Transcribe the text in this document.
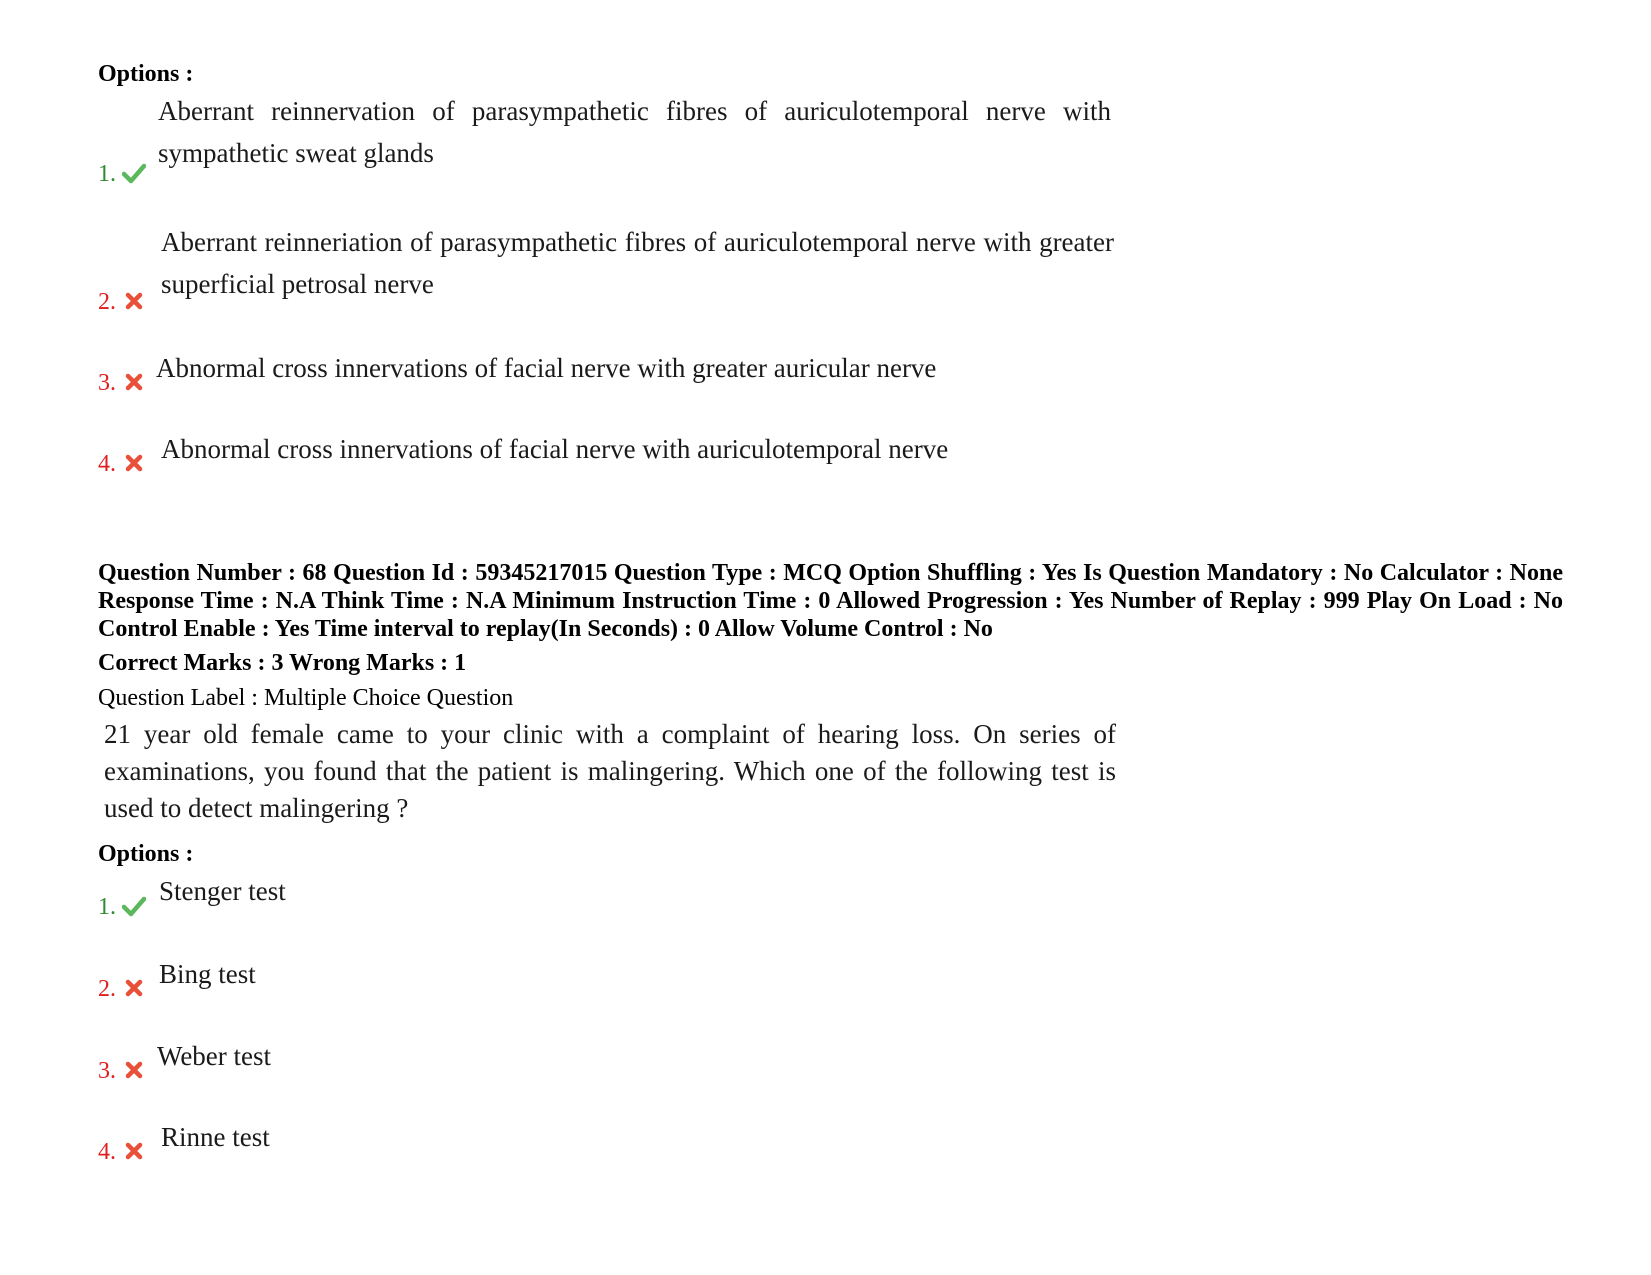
Options :
1.
Aberrant reinnervation of parasympathetic fibres of auriculotemporal nerve with sympathetic sweat glands
2.
Aberrant reinneriation of parasympathetic fibres of auriculotemporal nerve with greater superficial petrosal nerve
3.	Abnormal cross innervations of facial nerve with greater auricular nerve
4.	Abnormal cross innervations of facial nerve with auriculotemporal nerve
Question Number : 68 Question Id : 59345217015 Question Type : MCQ Option Shuffling : Yes Is Question Mandatory : No Calculator : None Response Time : N.A Think Time : N.A Minimum Instruction Time : 0 Allowed Progression : Yes Number of Replay : 999 Play On Load : No Control Enable : Yes Time interval to replay(In Seconds) : 0 Allow Volume Control : No
Correct Marks : 3 Wrong Marks : 1
Question Label : Multiple Choice Question
21 year old female came to your clinic with a complaint of hearing loss. On series of examinations, you found that the patient is malingering. Which one of the following test is used to detect malingering ?
Options :
1.
Stenger test
2.	Bing test
3.	Weber test
4.	Rinne test
